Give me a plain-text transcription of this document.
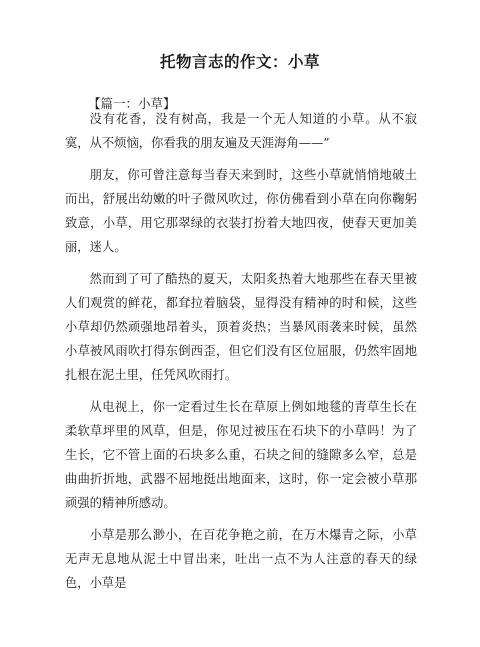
托物言志的作文：小草
【篇一：小草】

没有花香，没有树高，我是一个无人知道的小草。从不寂寞，从不烦恼，你看我的朋友遍及天涯海角——”

朋友，你可曾注意每当春天来到时，这些小草就悄悄地破土而出，舒展出幼嫩的叶子微风吹过，你仿佛看到小草在向你鞠躬致意，小草，用它那翠绿的衣装打扮着大地四夜，使春天更加美丽，迷人。

然而到了可了酷热的夏天，太阳炙热着大地那些在春天里被人们观赏的鲜花，都耷拉着脑袋，显得没有精神的时和候，这些小草却仍然顽强地昂着头，顶着炎热；当暴风雨袭来时候，虽然小草被风雨吹打得东倒西歪，但它们没有区位屈服，仍然牢固地扎根在泥土里，任凭风吹雨打。

从电视上，你一定看过生长在草原上例如地毯的青草生长在柔软草坪里的风草，但是，你见过被压在石块下的小草吗！为了生长，它不管上面的石块多么重，石块之间的缝隙多么窄，总是曲曲折折地，武器不屈地挺出地面来，这时，你一定会被小草那顽强的精神所感动。

小草是那么渺小，在百花争艳之前，在万木爆青之际，小草无声无息地从泥土中冒出来，吐出一点不为人注意的春天的绿色，小草是
